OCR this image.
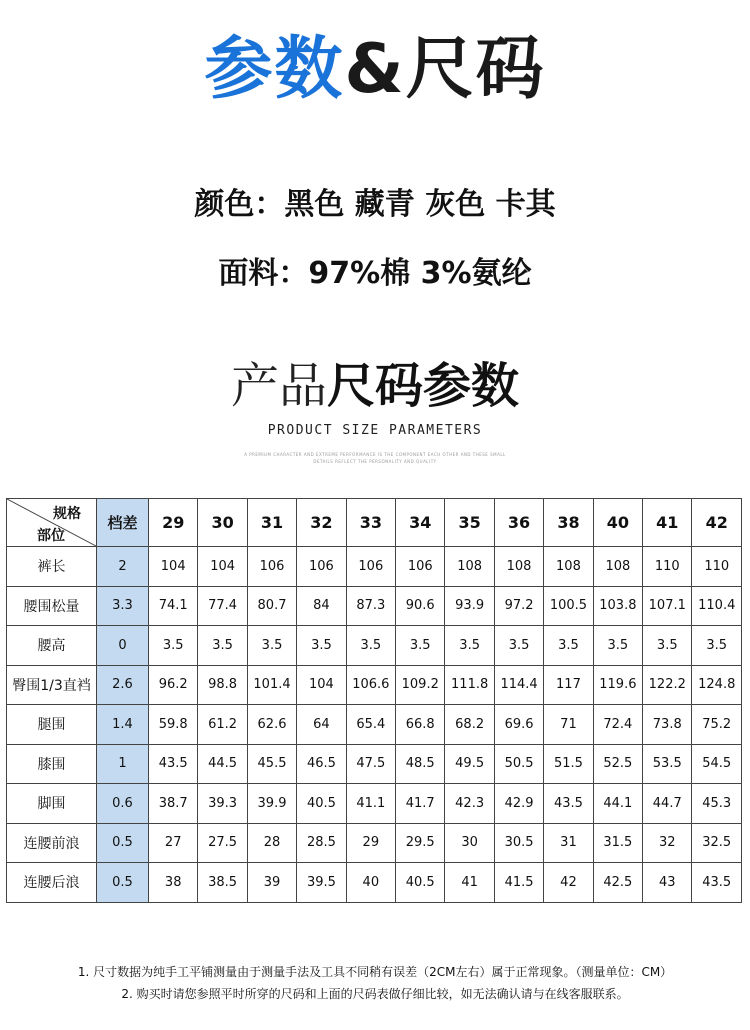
参数&尺码
颜色：黑色 藏青 灰色 卡其
面料：97%棉 3%氨纶
产品尺码参数
PRODUCT SIZE PARAMETERS
A PREMIUM CHARACTER AND EXTREME PERFORMANCE IS THE COMPONENT EACH OTHER AND THESE SMALL
DETAILS REFLECT THE PERSONALITY AND QUALITY
规格
部位	档差	29	30	31	32	33	34	35	36	38	40	41	42
裤长	2	104	104	106	106	106	106	108	108	108	108	110	110
腰围松量	3.3	74.1	77.4	80.7	84	87.3	90.6	93.9	97.2	100.5	103.8	107.1	110.4
腰高	0	3.5	3.5	3.5	3.5	3.5	3.5	3.5	3.5	3.5	3.5	3.5	3.5
臀围1/3直裆	2.6	96.2	98.8	101.4	104	106.6	109.2	111.8	114.4	117	119.6	122.2	124.8
腿围	1.4	59.8	61.2	62.6	64	65.4	66.8	68.2	69.6	71	72.4	73.8	75.2
膝围	1	43.5	44.5	45.5	46.5	47.5	48.5	49.5	50.5	51.5	52.5	53.5	54.5
脚围	0.6	38.7	39.3	39.9	40.5	41.1	41.7	42.3	42.9	43.5	44.1	44.7	45.3
连腰前浪	0.5	27	27.5	28	28.5	29	29.5	30	30.5	31	31.5	32	32.5
连腰后浪	0.5	38	38.5	39	39.5	40	40.5	41	41.5	42	42.5	43	43.5
1. 尺寸数据为纯手工平铺测量由于测量手法及工具不同稍有误差（2CM左右）属于正常现象。（测量单位：CM）
2. 购买时请您参照平时所穿的尺码和上面的尺码表做仔细比较，如无法确认请与在线客服联系。
